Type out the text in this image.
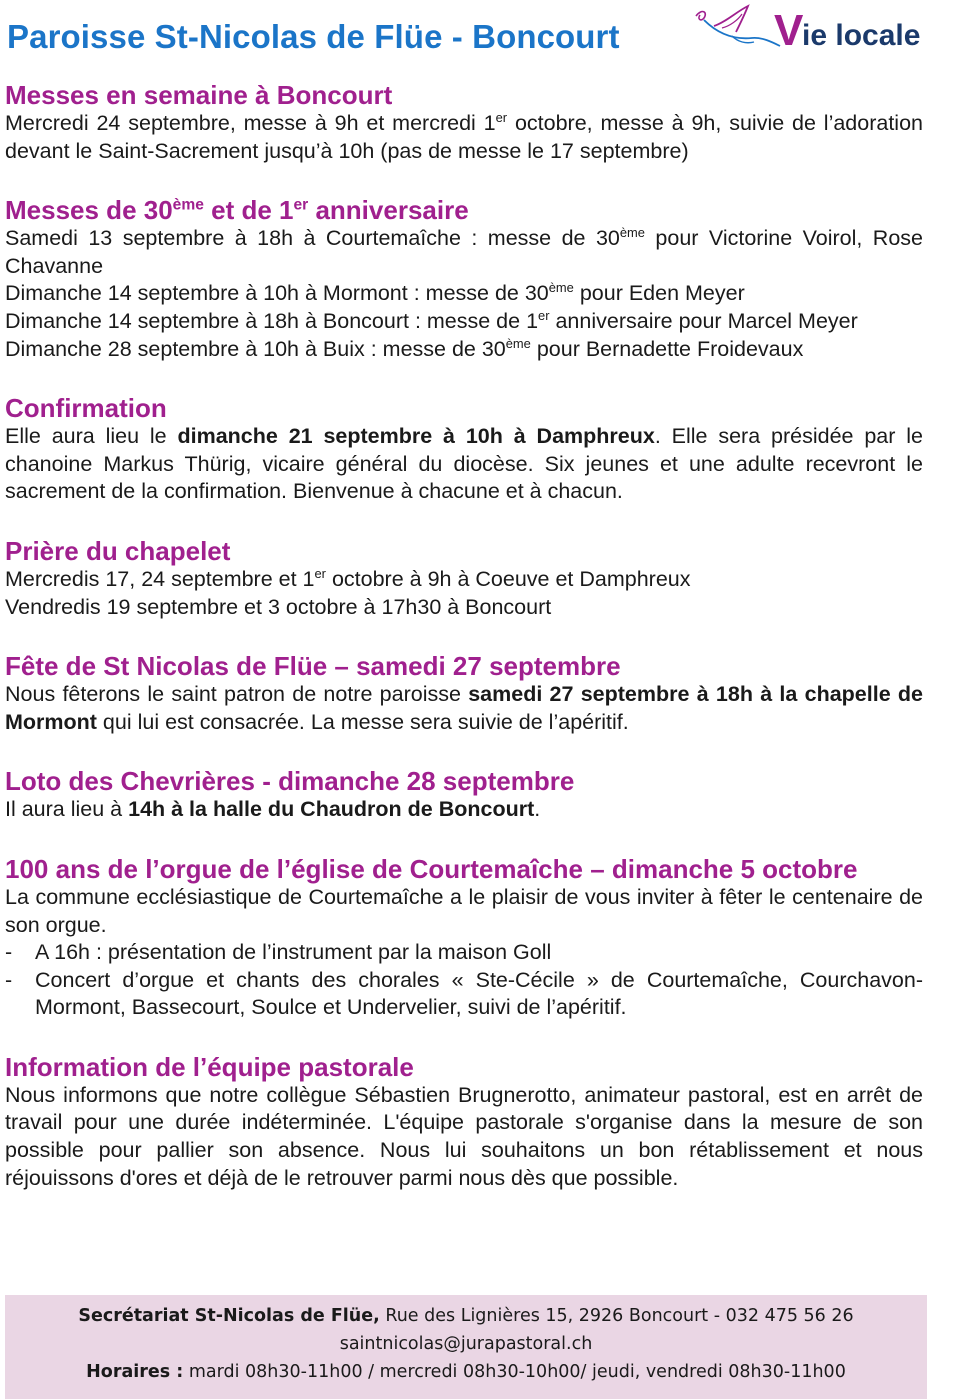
Paroisse St-Nicolas de Flüe - Boncourt	V
ie locale
Messes en semaine à Boncourt
Mercredi 24 septembre, messe à 9h et mercredi 1er octobre, messe à 9h, suivie de l’adoration devant le Saint-Sacrement jusqu’à 10h (pas de messe le 17 septembre)
Messes de 30ème et de 1er anniversaire
Samedi 13 septembre à 18h à Courtemaîche : messe de 30ème pour Victorine Voirol, Rose Chavanne
Dimanche 14 septembre à 10h à Mormont : messe de 30ème pour Eden Meyer
Dimanche 14 septembre à 18h à Boncourt : messe de 1er anniversaire pour Marcel Meyer
Dimanche 28 septembre à 10h à Buix : messe de 30ème pour Bernadette Froidevaux
Confirmation
Elle aura lieu le dimanche 21 septembre à 10h à Damphreux. Elle sera présidée par le chanoine Markus Thürig, vicaire général du diocèse. Six jeunes et une adulte recevront le sacrement de la confirmation. Bienvenue à chacune et à chacun.
Prière du chapelet
Mercredis 17, 24 septembre et 1er octobre à 9h à Coeuve et Damphreux
Vendredis 19 septembre et 3 octobre à 17h30 à Boncourt
Fête de St Nicolas de Flüe – samedi 27 septembre
Nous fêterons le saint patron de notre paroisse samedi 27 septembre à 18h à la chapelle de Mormont qui lui est consacrée. La messe sera suivie de l’apéritif.
Loto des Chevrières - dimanche 28 septembre
Il aura lieu à 14h à la halle du Chaudron de Boncourt.
100 ans de l’orgue de l’église de Courtemaîche – dimanche 5 octobre
La commune ecclésiastique de Courtemaîche a le plaisir de vous inviter à fêter le centenaire de son orgue.
-	A 16h : présentation de l’instrument par la maison Goll
-	Concert d’orgue et chants des chorales « Ste-Cécile » de Courtemaîche, Courchavon-Mormont, Bassecourt, Soulce et Undervelier, suivi de l’apéritif.
Information de l’équipe pastorale
Nous informons que notre collègue Sébastien Brugnerotto, animateur pastoral, est en arrêt de travail pour une durée indéterminée. L'équipe pastorale s'organise dans la mesure de son possible pour pallier son absence. Nous lui souhaitons un bon rétablissement et nous réjouissons d'ores et déjà de le retrouver parmi nous dès que possible.
Secrétariat St-Nicolas de Flüe, Rue des Lignières 15, 2926 Boncourt - 032 475 56 26
saintnicolas@jurapastoral.ch
Horaires : mardi 08h30-11h00 / mercredi 08h30-10h00/ jeudi, vendredi 08h30-11h00
